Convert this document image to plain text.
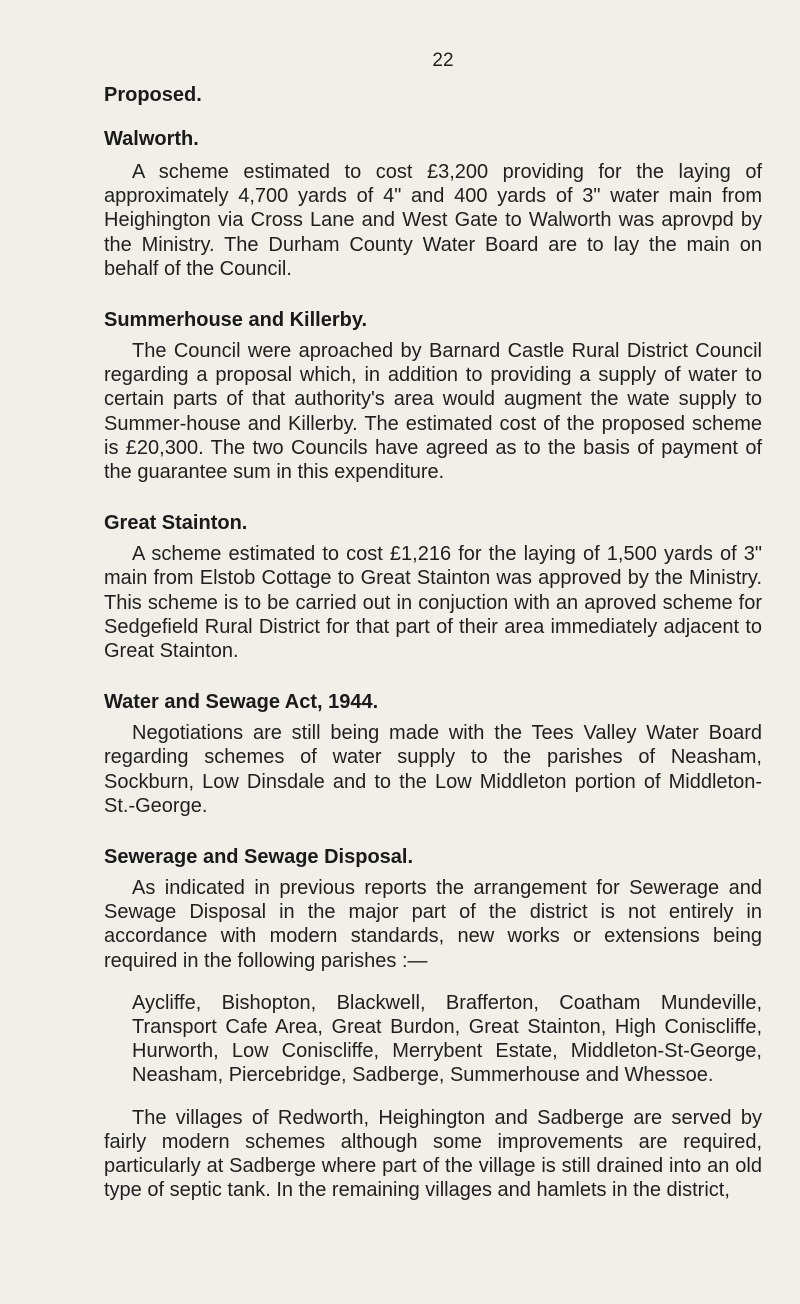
22
Proposed.
Walworth.

A scheme estimated to cost £3,200 providing for the laying of approximately 4,700 yards of 4" and 400 yards of 3" water main from Heighington via Cross Lane and West Gate to Walworth was aprovpd by the Ministry. The Durham County Water Board are to lay the main on behalf of the Council.

Summerhouse and Killerby.

The Council were aproached by Barnard Castle Rural District Council regarding a proposal which, in addition to providing a supply of water to certain parts of that authority's area would augment the wate supply to Summer-house and Killerby. The estimated cost of the proposed scheme is £20,300. The two Councils have agreed as to the basis of payment of the guarantee sum in this expenditure.

Great Stainton.

A scheme estimated to cost £1,216 for the laying of 1,500 yards of 3" main from Elstob Cottage to Great Stainton was approved by the Ministry. This scheme is to be carried out in conjuction with an aproved scheme for Sedgefield Rural District for that part of their area immediately adjacent to Great Stainton.

Water and Sewage Act, 1944.

Negotiations are still being made with the Tees Valley Water Board regarding schemes of water supply to the parishes of Neasham, Sockburn, Low Dinsdale and to the Low Middleton portion of Middleton-St.-George.

Sewerage and Sewage Disposal.

As indicated in previous reports the arrangement for Sewerage and Sewage Disposal in the major part of the district is not entirely in accordance with modern standards, new works or extensions being required in the following parishes :—

Aycliffe, Bishopton, Blackwell, Brafferton, Coatham Mundeville, Transport Cafe Area, Great Burdon, Great Stainton, High Coniscliffe, Hurworth, Low Coniscliffe, Merrybent Estate, Middleton-St-George, Neasham, Piercebridge, Sadberge, Summerhouse and Whessoe.

The villages of Redworth, Heighington and Sadberge are served by fairly modern schemes although some improvements are required, particularly at Sadberge where part of the village is still drained into an old type of septic tank. In the remaining villages and hamlets in the district,
